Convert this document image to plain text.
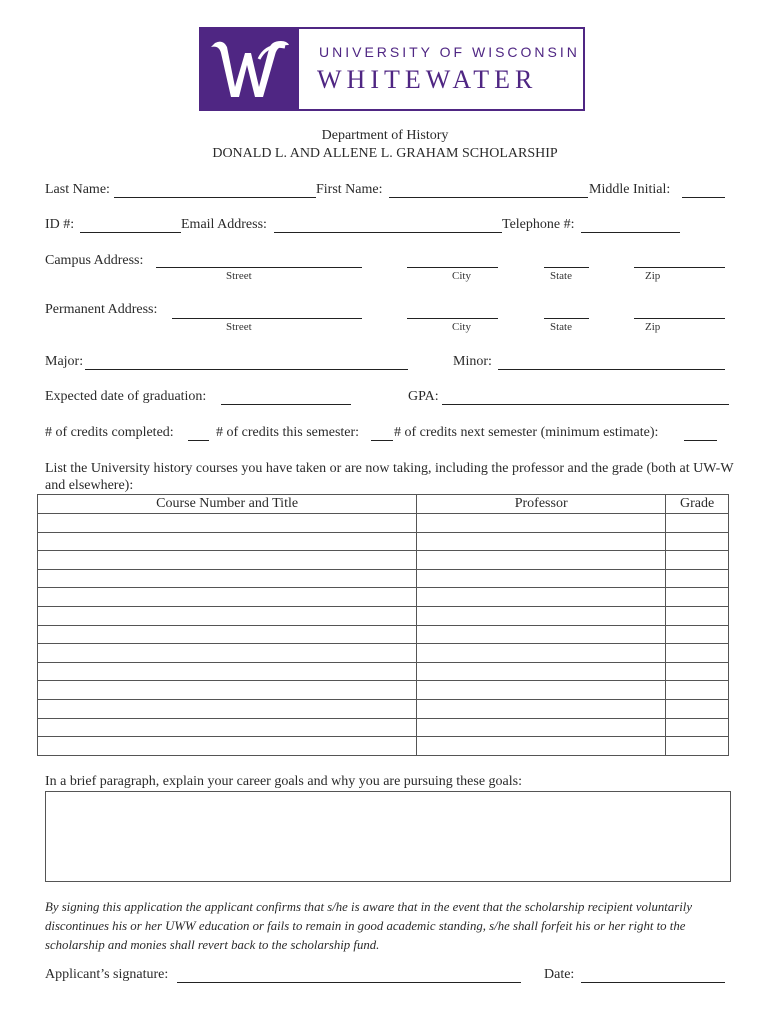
UNIVERSITY OF WISCONSIN
WHITEWATER
Department of History
DONALD L. AND ALLENE L. GRAHAM SCHOLARSHIP
Last Name:	First Name:	Middle Initial:
ID #:	Email Address:	Telephone #:
Campus Address:
Street	City	State	Zip
Permanent Address:
Street	City	State	Zip
Major:	Minor:
Expected date of graduation:	GPA:
# of credits completed:	# of credits this semester: # of credits next semester (minimum estimate):
List the University history courses you have taken or are now taking, including the professor and the grade (both at UW-W and elsewhere):
Course Number and Title	Professor	Grade

In a brief paragraph, explain your career goals and why you are pursuing these goals:
By signing this application the applicant confirms that s/he is aware that in the event that the scholarship recipient voluntarily discontinues his or her UWW education or fails to remain in good academic standing, s/he shall forfeit his or her right to the scholarship and monies shall revert back to the scholarship fund.
Applicant’s signature:	Date:
